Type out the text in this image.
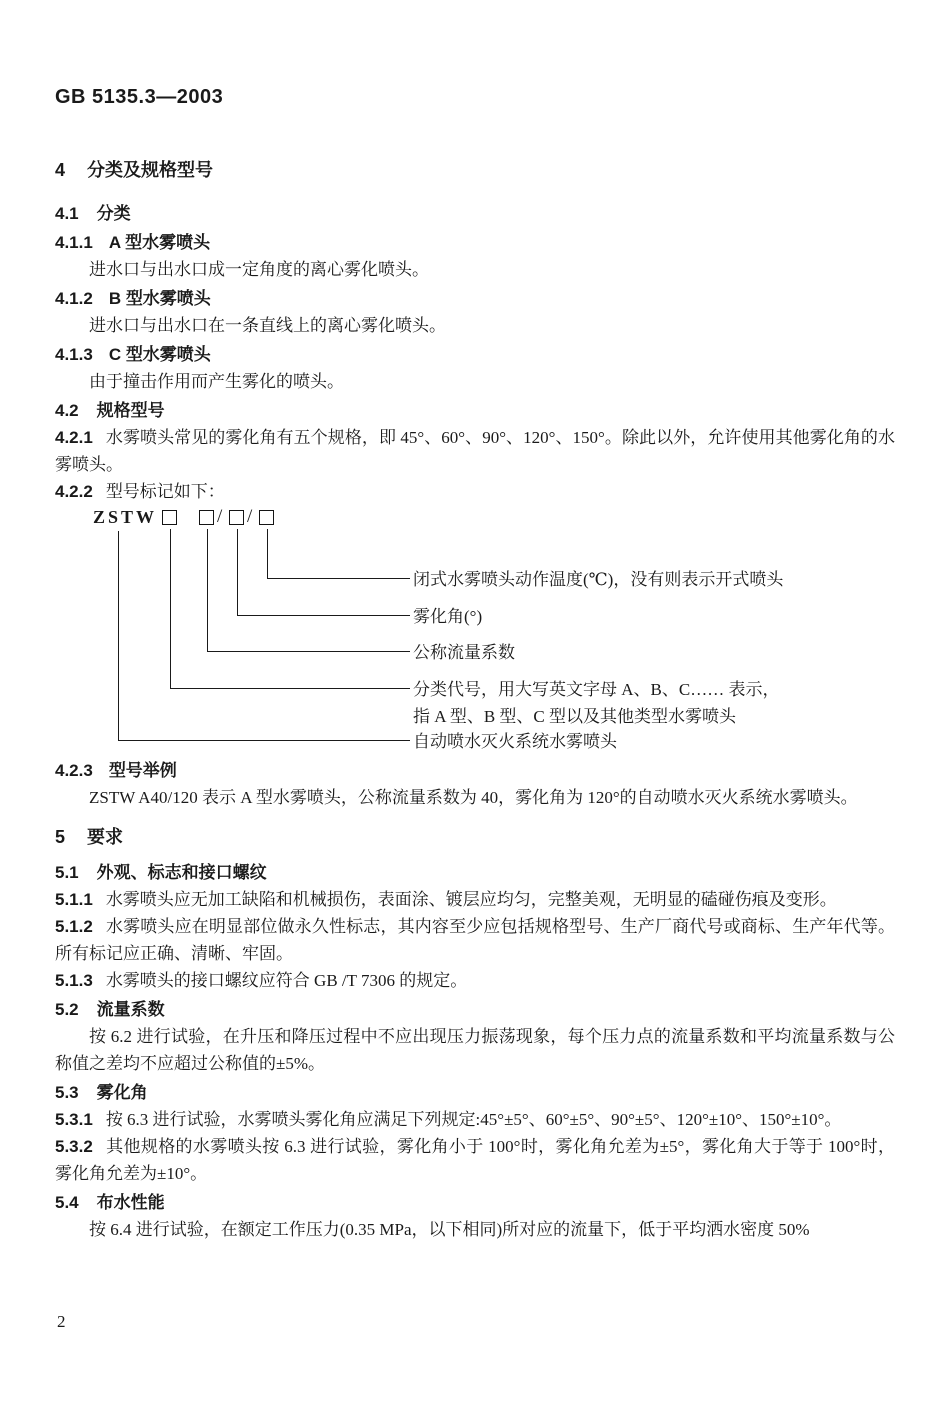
GB 5135.3—2003
4 分类及规格型号
4.1 分类
4.1.1 A 型水雾喷头

进水口与出水口成一定角度的离心雾化喷头。

4.1.2 B 型水雾喷头

进水口与出水口在一条直线上的离心雾化喷头。

4.1.3 C 型水雾喷头

由于撞击作用而产生雾化的喷头。

4.2 规格型号

4.2.1 水雾喷头常见的雾化角有五个规格，即 45°、60°、90°、120°、150°。除此以外，允许使用其他雾化角的水雾喷头。

4.2.2 型号标记如下：

ZSTW	/ /
闭式水雾喷头动作温度(℃)，没有则表示开式喷头
雾化角(°)
公称流量系数
分类代号，用大写英文字母 A、B、C…… 表示，
指 A 型、B 型、C 型以及其他类型水雾喷头
自动喷水灭火系统水雾喷头
4.2.3 型号举例

ZSTW A40/120 表示 A 型水雾喷头，公称流量系数为 40，雾化角为 120°的自动喷水灭火系统水雾喷头。

5 要求
5.1 外观、标志和接口螺纹

5.1.1 水雾喷头应无加工缺陷和机械损伤，表面涂、镀层应均匀，完整美观，无明显的磕碰伤痕及变形。

5.1.2 水雾喷头应在明显部位做永久性标志，其内容至少应包括规格型号、生产厂商代号或商标、生产年代等。所有标记应正确、清晰、牢固。

5.1.3 水雾喷头的接口螺纹应符合 GB /T 7306 的规定。

5.2 流量系数

按 6.2 进行试验，在升压和降压过程中不应出现压力振荡现象，每个压力点的流量系数和平均流量系数与公称值之差均不应超过公称值的±5%。

5.3 雾化角

5.3.1 按 6.3 进行试验，水雾喷头雾化角应满足下列规定:45°±5°、60°±5°、90°±5°、120°±10°、150°±10°。

5.3.2 其他规格的水雾喷头按 6.3 进行试验，雾化角小于 100°时，雾化角允差为±5°，雾化角大于等于 100°时，雾化角允差为±10°。

5.4 布水性能

按 6.4 进行试验，在额定工作压力(0.35 MPa，以下相同)所对应的流量下，低于平均洒水密度 50%

2
